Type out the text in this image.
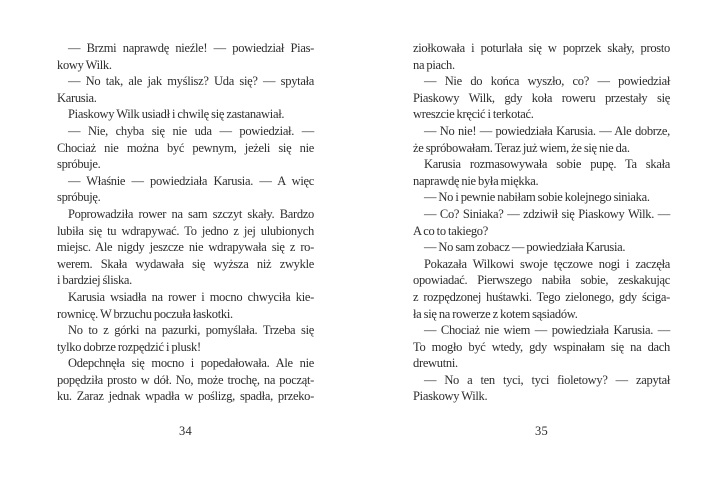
— Brzmi naprawdę nieźle! — powiedział Pias-
kowy Wilk.
— No tak, ale jak myślisz? Uda się? — spytała
Karusia.
Piaskowy Wilk usiadł i chwilę się zastanawiał.
— Nie, chyba się nie uda — powiedział. —
Chociaż nie można być pewnym, jeżeli się nie
spróbuje.
— Właśnie — powiedziała Karusia. — A więc
spróbuję.
Poprowadziła rower na sam szczyt skały. Bardzo
lubiła się tu wdrapywać. To jedno z jej ulubionych
miejsc. Ale nigdy jeszcze nie wdrapywała się z ro-
werem. Skała wydawała się wyższa niż zwykle
i bardziej śliska.
Karusia wsiadła na rower i mocno chwyciła kie-
rownicę. W brzuchu poczuła łaskotki.
No to z górki na pazurki, pomyślała. Trzeba się
tylko dobrze rozpędzić i plusk!
Odepchnęła się mocno i popedałowała. Ale nie
popędziła prosto w dół. No, może trochę, na począt-
ku. Zaraz jednak wpadła w poślizg, spadła, przeko-
34
ziołkowała i poturlała się w poprzek skały, prosto
na piach.
— Nie do końca wyszło, co? — powiedział
Piaskowy Wilk, gdy koła roweru przestały się
wreszcie kręcić i terkotać.
— No nie! — powiedziała Karusia. — Ale dobrze,
że spróbowałam. Teraz już wiem, że się nie da.
Karusia rozmasowywała sobie pupę. Ta skała
naprawdę nie była miękka.
— No i pewnie nabiłam sobie kolejnego siniaka.
— Co? Siniaka? — zdziwił się Piaskowy Wilk. —
A co to takiego?
— No sam zobacz — powiedziała Karusia.
Pokazała Wilkowi swoje tęczowe nogi i zaczęła
opowiadać. Pierwszego nabiła sobie, zeskakując
z rozpędzonej huśtawki. Tego zielonego, gdy ściga-
ła się na rowerze z kotem sąsiadów.
— Chociaż nie wiem — powiedziała Karusia. —
To mogło być wtedy, gdy wspinałam się na dach
drewutni.
— No a ten tyci, tyci fioletowy? — zapytał
Piaskowy Wilk.
35
